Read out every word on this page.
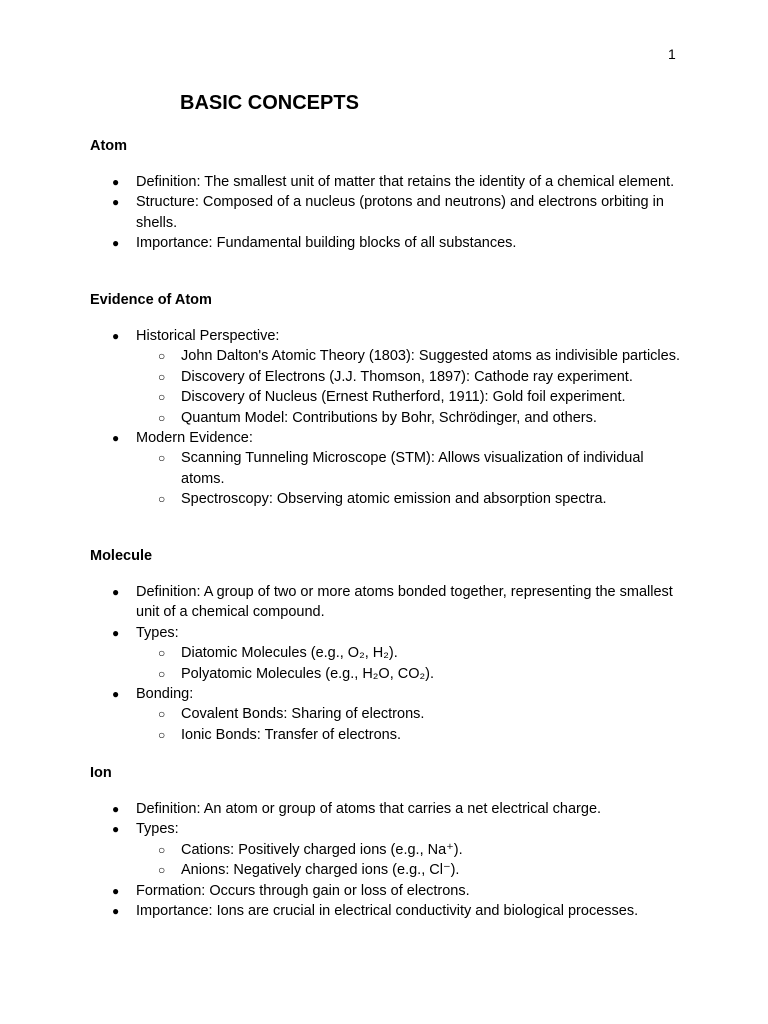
1
BASIC CONCEPTS
Atom
● Definition: The smallest unit of matter that retains the identity of a chemical element.
● Structure: Composed of a nucleus (protons and neutrons) and electrons orbiting in shells.
● Importance: Fundamental building blocks of all substances.
Evidence of Atom
● Historical Perspective:
○ John Dalton's Atomic Theory (1803): Suggested atoms as indivisible particles.
○ Discovery of Electrons (J.J. Thomson, 1897): Cathode ray experiment.
○ Discovery of Nucleus (Ernest Rutherford, 1911): Gold foil experiment.
○ Quantum Model: Contributions by Bohr, Schrödinger, and others.
● Modern Evidence:
○ Scanning Tunneling Microscope (STM): Allows visualization of individual atoms.
○ Spectroscopy: Observing atomic emission and absorption spectra.
Molecule
● Definition: A group of two or more atoms bonded together, representing the smallest unit of a chemical compound.
● Types:
○ Diatomic Molecules (e.g., O₂, H₂).
○ Polyatomic Molecules (e.g., H₂O, CO₂).
● Bonding:
○ Covalent Bonds: Sharing of electrons.
○ Ionic Bonds: Transfer of electrons.
Ion
● Definition: An atom or group of atoms that carries a net electrical charge.
● Types:
○ Cations: Positively charged ions (e.g., Na⁺).
○ Anions: Negatively charged ions (e.g., Cl⁻).
● Formation: Occurs through gain or loss of electrons.
● Importance: Ions are crucial in electrical conductivity and biological processes.
